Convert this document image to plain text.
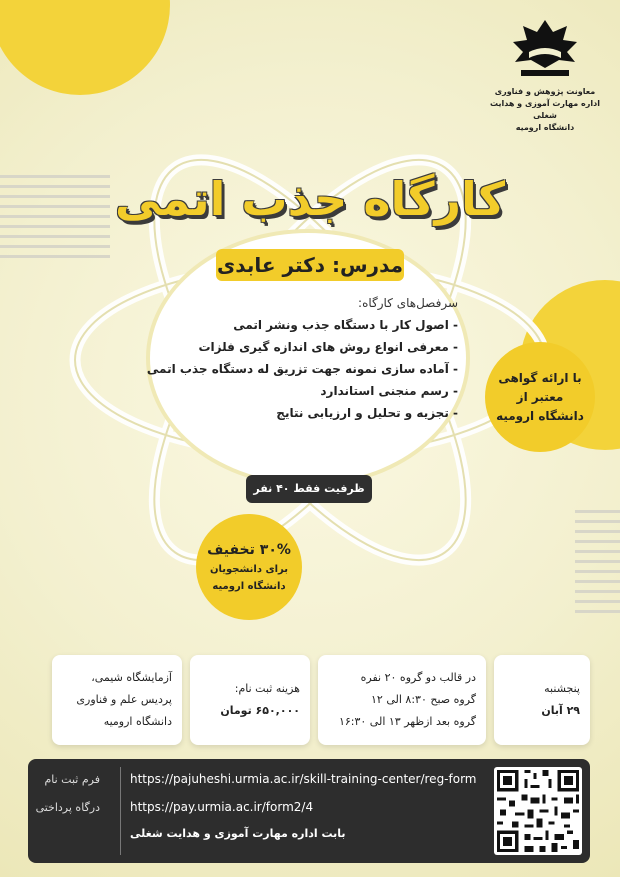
معاونت پژوهش و فناوری
اداره مهارت آموزی و هدایت شغلی
دانشگاه ارومیه
کارگاه جذب اتمی
مدرس: دکتر عابدی
سرفصل‌های کارگاه:
- اصول کار با دستگاه جذب ونشر اتمی
- معرفی انواع روش های اندازه گیری فلزات
- آماده سازی نمونه جهت تزریق له دستگاه جذب اتمی
- رسم منجنی استاندارد
- تجزیه و تحلیل و ارزیابی نتایج
ظرفیت فقط ۴۰ نفر
با ارائه گواهی
معتبر از
دانشگاه ارومیه
۳۰% تخفیف
برای دانشجویان
دانشگاه ارومیه
پنجشنبه
۲۹ آبان
در قالب دو گروه ۲۰ نفره
گروه صبح ۸:۳۰ الی ۱۲
گروه بعد ازظهر ۱۳ الی ۱۶:۳۰
هزینه ثبت نام:
۶۵۰,۰۰۰ تومان
آزمایشگاه شیمی،
پردیس علم و فناوری
دانشگاه ارومیه
فرم ثبت نام
درگاه پرداختی
https://pajuheshi.urmia.ac.ir/skill-training-center/reg-form
https://pay.urmia.ac.ir/form2/4
بابت اداره مهارت آموزی و هدایت شغلی
